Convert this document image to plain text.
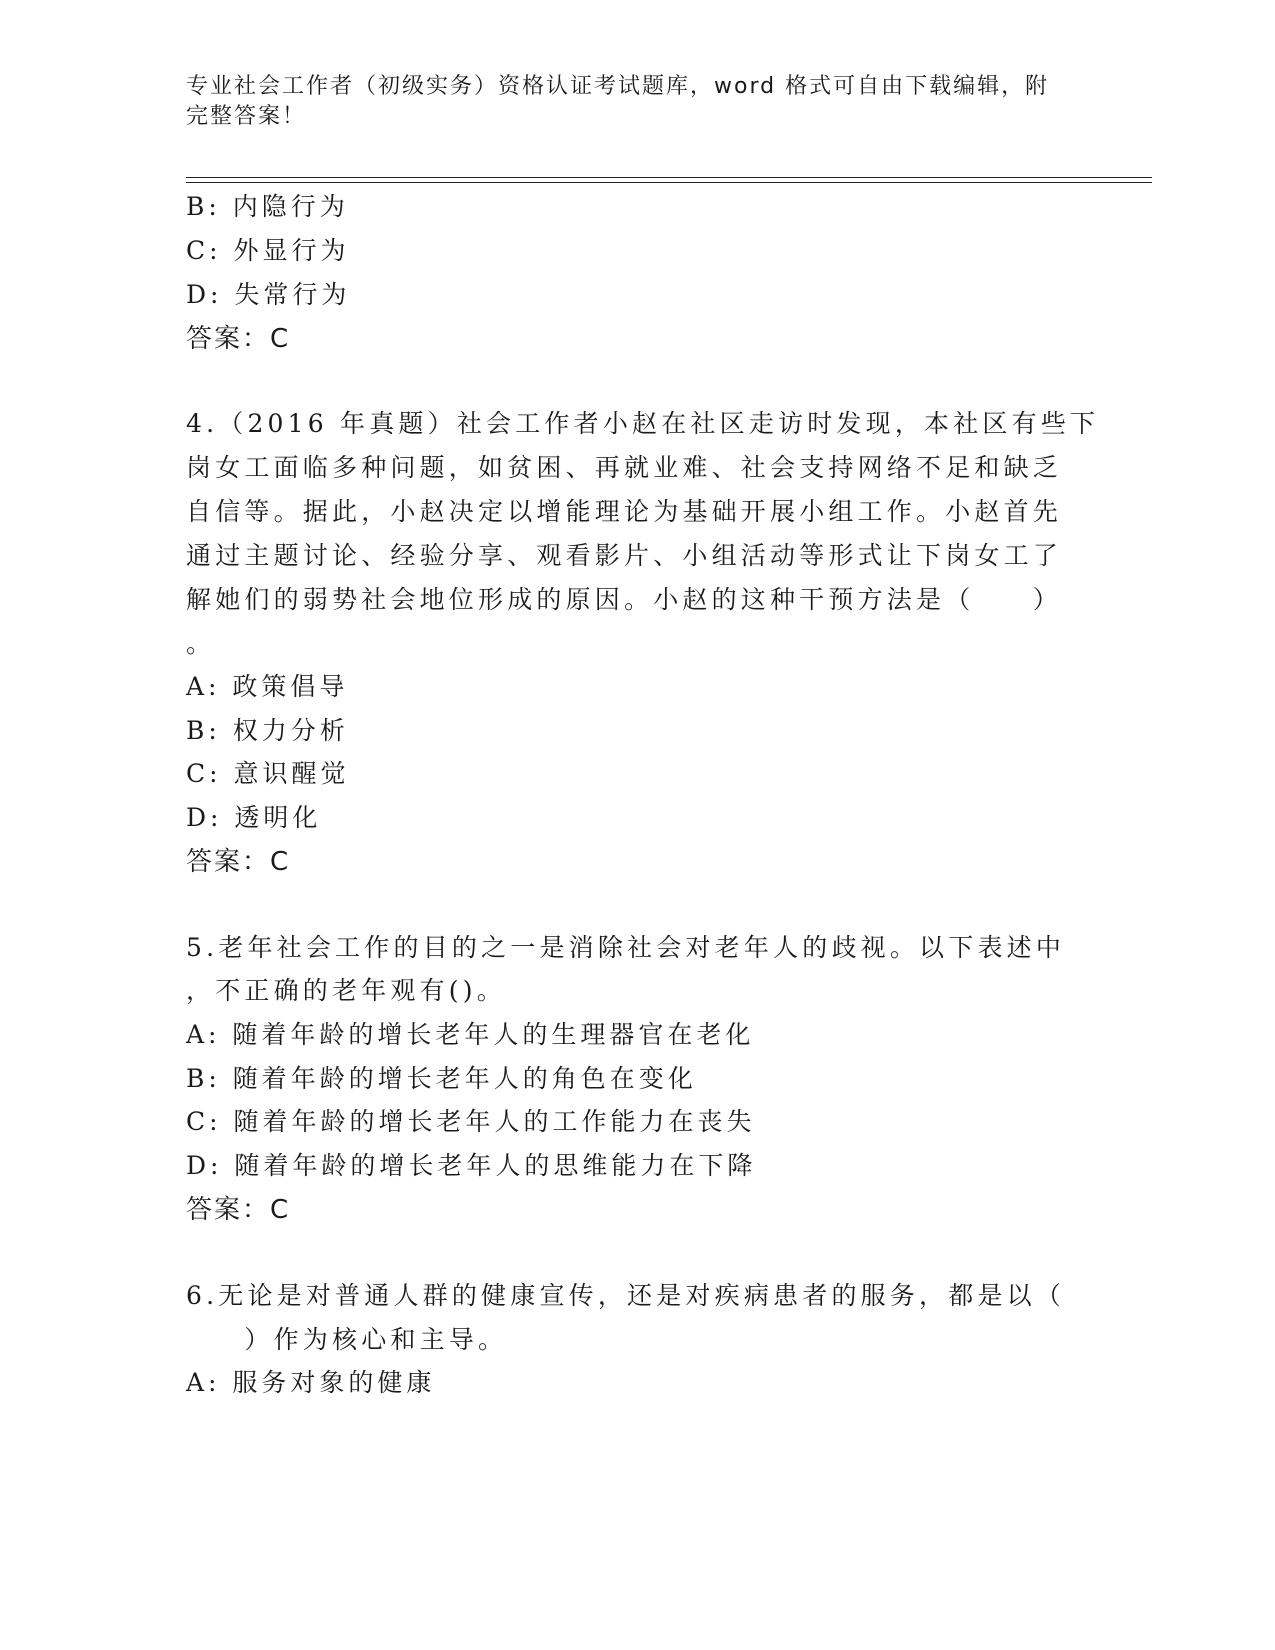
专业社会工作者（初级实务）资格认证考试题库，word 格式可自由下载编辑，附
完整答案！
B: 内隐行为
C: 外显行为
D: 失常行为
答案：C
4.（2016 年真题）社会工作者小赵在社区走访时发现，本社区有些下
岗女工面临多种问题，如贫困、再就业难、社会支持网络不足和缺乏
自信等。据此，小赵决定以增能理论为基础开展小组工作。小赵首先
通过主题讨论、经验分享、观看影片、小组活动等形式让下岗女工了
解她们的弱势社会地位形成的原因。小赵的这种干预方法是（　　）
。
A: 政策倡导
B: 权力分析
C: 意识醒觉
D: 透明化
答案：C
5.老年社会工作的目的之一是消除社会对老年人的歧视。以下表述中
，不正确的老年观有()。
A: 随着年龄的增长老年人的生理器官在老化
B: 随着年龄的增长老年人的角色在变化
C: 随着年龄的增长老年人的工作能力在丧失
D: 随着年龄的增长老年人的思维能力在下降
答案：C
6.无论是对普通人群的健康宣传，还是对疾病患者的服务，都是以（
　　）作为核心和主导。
A: 服务对象的健康
